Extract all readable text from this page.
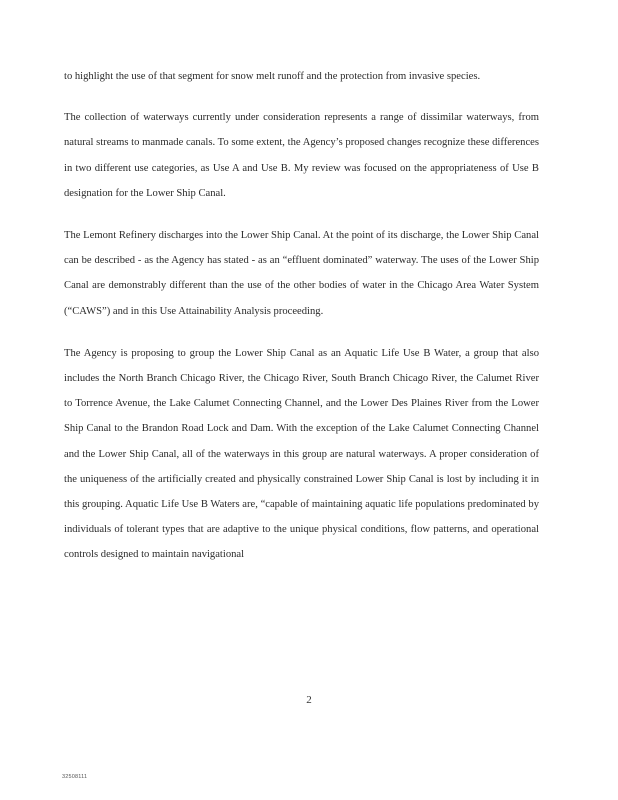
to highlight the use of that segment for snow melt runoff and the protection from invasive species.

The collection of waterways currently under consideration represents a range of dissimilar waterways, from natural streams to manmade canals. To some extent, the Agency’s proposed changes recognize these differences in two different use categories, as Use A and Use B. My review was focused on the appropriateness of Use B designation for the Lower Ship Canal.

The Lemont Refinery discharges into the Lower Ship Canal. At the point of its discharge, the Lower Ship Canal can be described - as the Agency has stated - as an “effluent dominated” waterway. The uses of the Lower Ship Canal are demonstrably different than the use of the other bodies of water in the Chicago Area Water System (“CAWS”) and in this Use Attainability Analysis proceeding.

The Agency is proposing to group the Lower Ship Canal as an Aquatic Life Use B Water, a group that also includes the North Branch Chicago River, the Chicago River, South Branch Chicago River, the Calumet River to Torrence Avenue, the Lake Calumet Connecting Channel, and the Lower Des Plaines River from the Lower Ship Canal to the Brandon Road Lock and Dam. With the exception of the Lake Calumet Connecting Channel and the Lower Ship Canal, all of the waterways in this group are natural waterways. A proper consideration of the uniqueness of the artificially created and physically constrained Lower Ship Canal is lost by including it in this grouping. Aquatic Life Use B Waters are, “capable of maintaining aquatic life populations predominated by individuals of tolerant types that are adaptive to the unique physical conditions, flow patterns, and operational controls designed to maintain navigational

2
32508111
